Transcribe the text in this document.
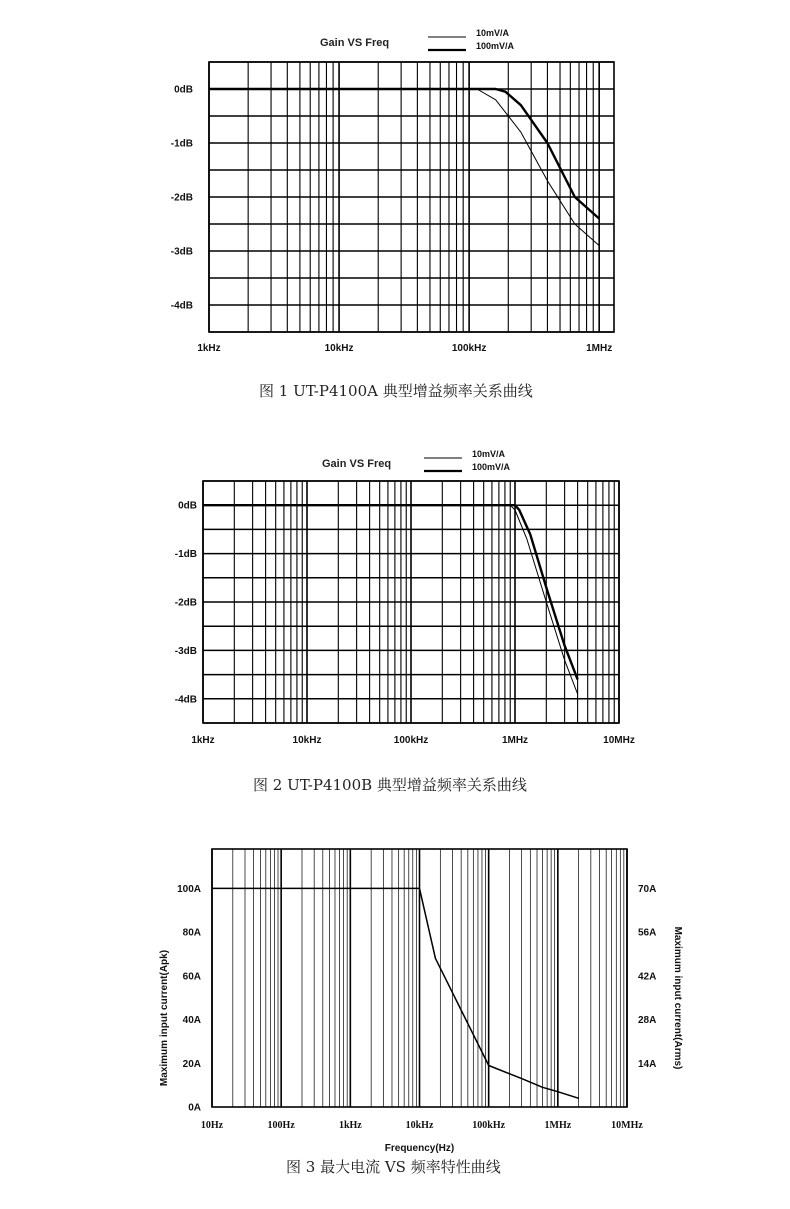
0dB
-1dB
-2dB
-3dB
-4dB
1kHz	10kHz	100kHz	1MHz
Gain VS Freq
10mV/A
100mV/A
图 1 UT-P4100A 典型增益频率关系曲线
0dB
-1dB
-2dB
-3dB
-4dB
1kHz	10kHz	100kHz	1MHz	10MHz
Gain VS Freq
10mV/A
100mV/A
图 2 UT-P4100B 典型增益频率关系曲线
0A
20A
40A
60A
80A
100A
14A
28A
42A
56A
70A
10Hz	100Hz	1kHz	10kHz	100kHz	1MHz	10MHz
Frequency(Hz)
Maximum input current(Apk)	Maximum input current(Arms)
图 3 最大电流 VS 频率特性曲线
